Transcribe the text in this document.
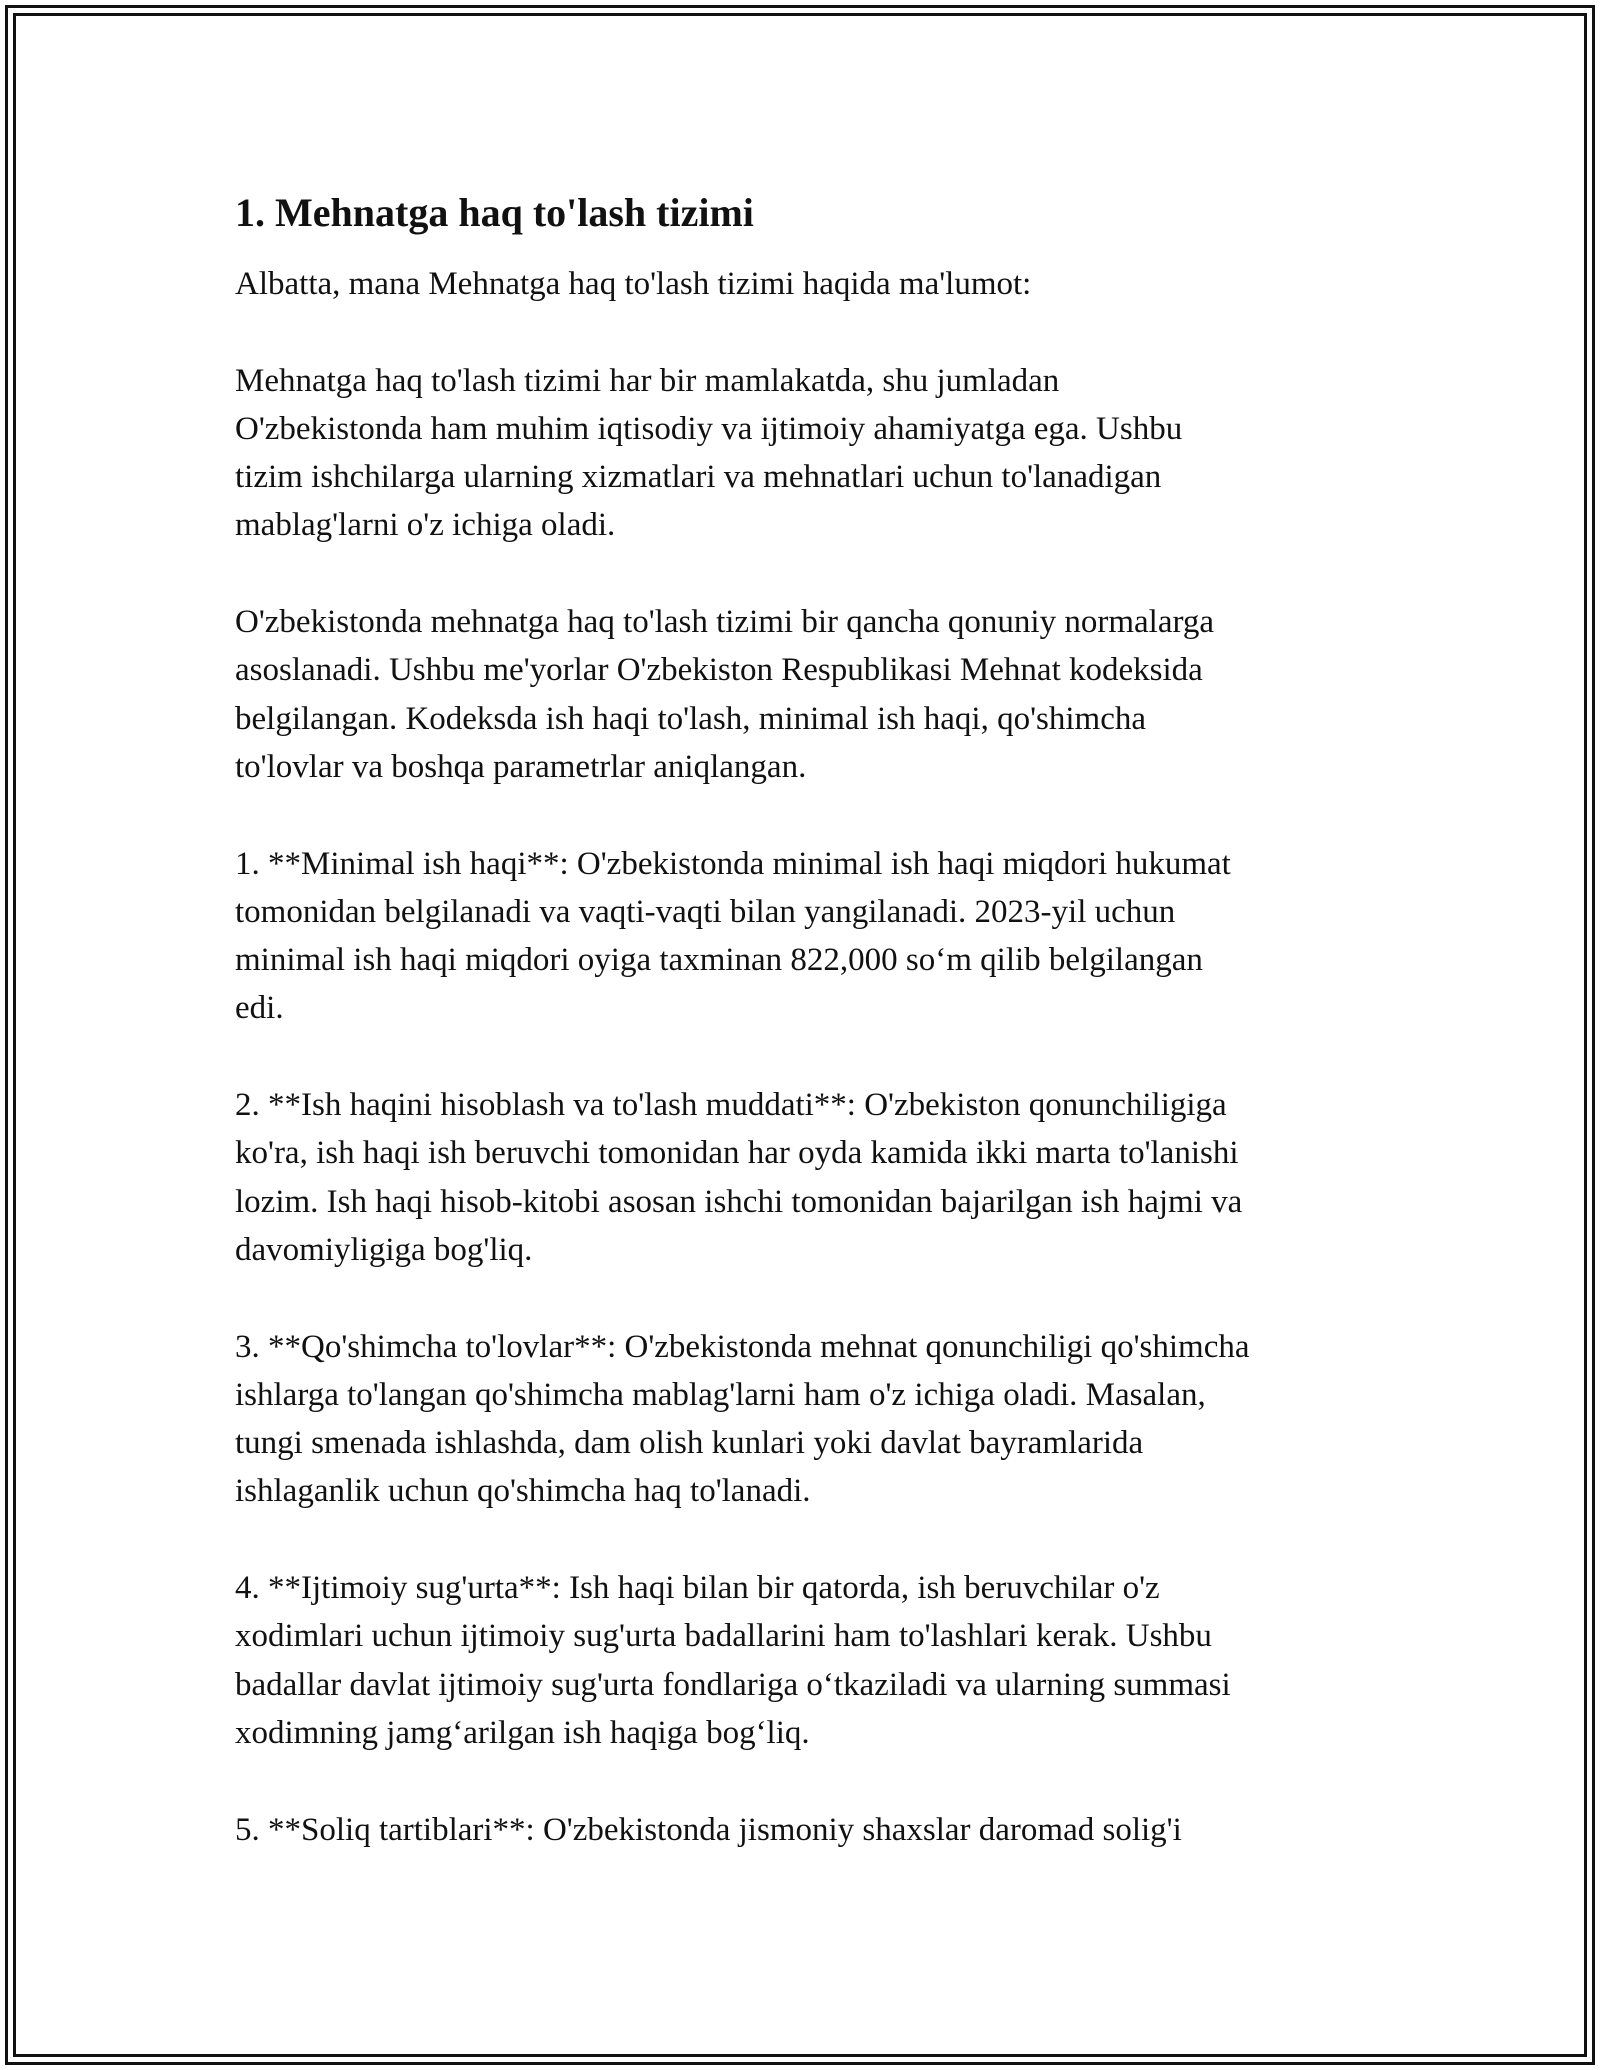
1. Mehnatga haq to'lash tizimi

Albatta, mana Mehnatga haq to'lash tizimi haqida ma'lumot:

Mehnatga haq to'lash tizimi har bir mamlakatda, shu jumladan
O'zbekistonda ham muhim iqtisodiy va ijtimoiy ahamiyatga ega. Ushbu
tizim ishchilarga ularning xizmatlari va mehnatlari uchun to'lanadigan
mablag'larni o'z ichiga oladi.

O'zbekistonda mehnatga haq to'lash tizimi bir qancha qonuniy normalarga
asoslanadi. Ushbu me'yorlar O'zbekiston Respublikasi Mehnat kodeksida
belgilangan. Kodeksda ish haqi to'lash, minimal ish haqi, qo'shimcha
to'lovlar va boshqa parametrlar aniqlangan.

1. **Minimal ish haqi**: O'zbekistonda minimal ish haqi miqdori hukumat
tomonidan belgilanadi va vaqti-vaqti bilan yangilanadi. 2023-yil uchun
minimal ish haqi miqdori oyiga taxminan 822,000 so‘m qilib belgilangan
edi.

2. **Ish haqini hisoblash va to'lash muddati**: O'zbekiston qonunchiligiga
ko'ra, ish haqi ish beruvchi tomonidan har oyda kamida ikki marta to'lanishi
lozim. Ish haqi hisob-kitobi asosan ishchi tomonidan bajarilgan ish hajmi va
davomiyligiga bog'liq.

3. **Qo'shimcha to'lovlar**: O'zbekistonda mehnat qonunchiligi qo'shimcha
ishlarga to'langan qo'shimcha mablag'larni ham o'z ichiga oladi. Masalan,
tungi smenada ishlashda, dam olish kunlari yoki davlat bayramlarida
ishlaganlik uchun qo'shimcha haq to'lanadi.

4. **Ijtimoiy sug'urta**: Ish haqi bilan bir qatorda, ish beruvchilar o'z
xodimlari uchun ijtimoiy sug'urta badallarini ham to'lashlari kerak. Ushbu
badallar davlat ijtimoiy sug'urta fondlariga o‘tkaziladi va ularning summasi
xodimning jamg‘arilgan ish haqiga bog‘liq.

5. **Soliq tartiblari**: O'zbekistonda jismoniy shaxslar daromad solig'i
